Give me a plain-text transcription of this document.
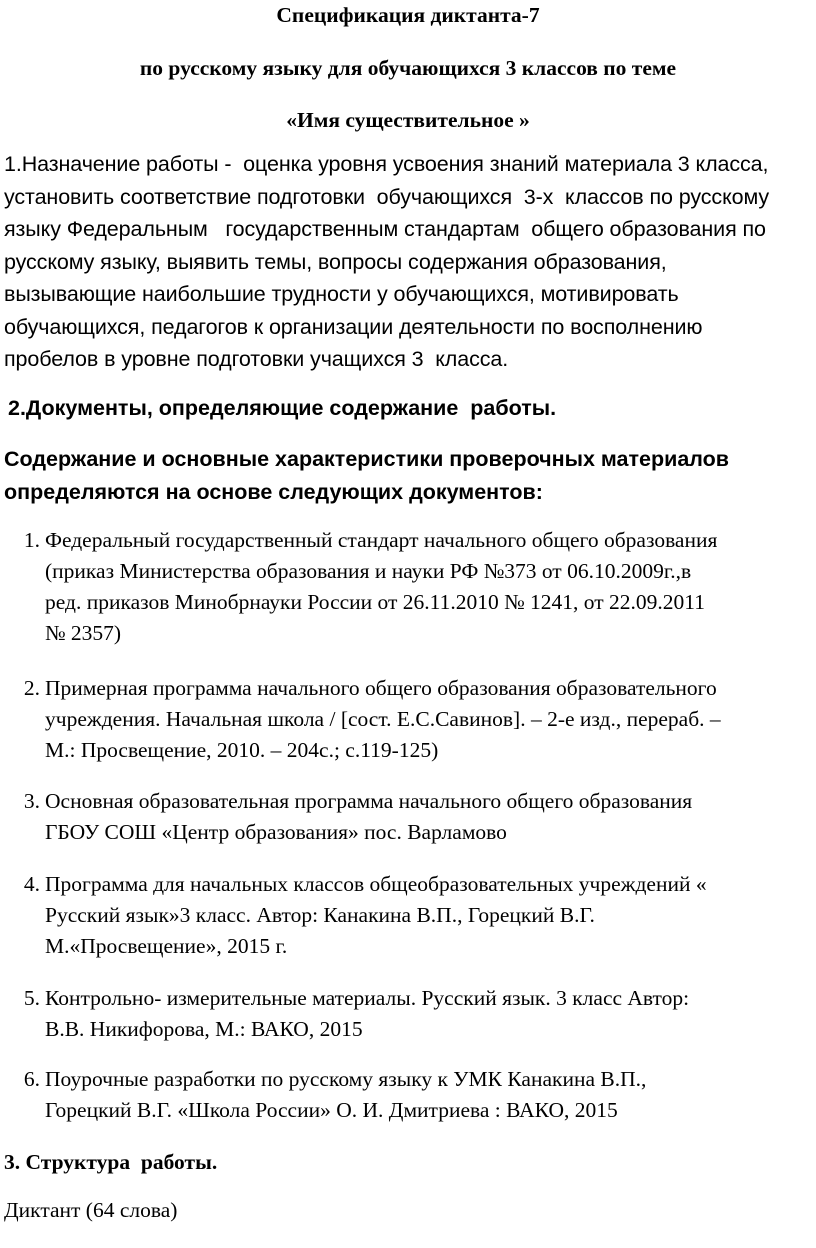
Спецификация диктанта-7
по русскому языку для обучающихся 3 классов по теме
«Имя существительное »
1.Назначение работы -  оценка уровня усвоения знаний материала 3 класса,
установить соответствие подготовки  обучающихся  3-х  классов по русскому
языку Федеральным   государственным стандартам  общего образования по
русскому языку, выявить темы, вопросы содержания образования,
вызывающие наибольшие трудности у обучающихся, мотивировать
обучающихся, педагогов к организации деятельности по восполнению
пробелов в уровне подготовки учащихся 3  класса.
2.Документы, определяющие содержание  работы.
Содержание и основные характеристики проверочных материалов
определяются на основе следующих документов:
1. Федеральный государственный стандарт начального общего образования
(приказ Министерства образования и науки РФ №373 от 06.10.2009г.,в
ред. приказов Минобрнауки России от 26.11.2010 № 1241, от 22.09.2011
№ 2357)
2. Примерная программа начального общего образования образовательного
учреждения. Начальная школа / [сост. Е.С.Савинов]. – 2-е изд., перераб. –
М.: Просвещение, 2010. – 204с.; с.119-125)
3. Основная образовательная программа начального общего образования
ГБОУ СОШ «Центр образования» пос. Варламово
4. Программа для начальных классов общеобразовательных учреждений «
Русский язык»3 класс. Автор: Канакина В.П., Горецкий В.Г.
М.«Просвещение», 2015 г.
5. Контрольно- измерительные материалы. Русский язык. 3 класс Автор:
В.В. Никифорова, М.: ВАКО, 2015
6. Поурочные разработки по русскому языку к УМК Канакина В.П.,
Горецкий В.Г. «Школа России» О. И. Дмитриева : ВАКО, 2015
3. Структура  работы.
Диктант (64 слова)
